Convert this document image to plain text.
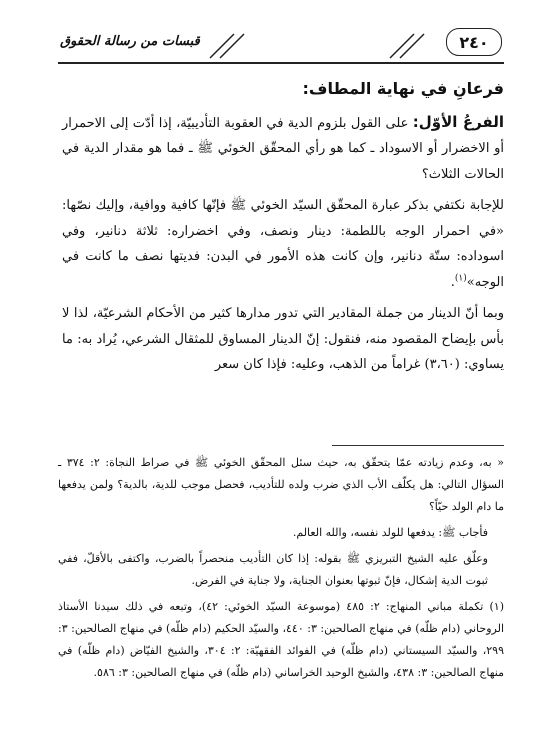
قبسات من رسالة الحقوق	٢٤٠
فرعانِ في نهاية المطاف:

الفرعُ الأوّل: على القول بلزوم الدية في العقوبة التأديبيّة، إذا أدّت إلى الاحمرار أو الاخضرار أو الاسوداد ـ كما هو رأي المحقّق الخوئي ﷺ ـ فما هو مقدار الدية في الحالات الثلاث؟

للإجابة نكتفي بذكر عبارة المحقّق السيّد الخوئي ﷺ فإنّها كافية ووافية، وإليك نصّها: «في احمرار الوجه باللطمة: دينار ونصف، وفي اخضراره: ثلاثة دنانير، وفي اسوداده: ستّة دنانير، وإن كانت هذه الأمور في البدن: فديتها نصف ما كانت في الوجه»$^{(١)}$.

وبما أنّ الدينار من جملة المقادير التي تدور مدارها كثير من الأحكام الشرعيّة، لذا لا بأس بإيضاح المقصود منه، فنقول: إنّ الدينار المساوق للمثقال الشرعي، يُراد به: ما يساوي: (٣،٦٠) غراماً من الذهب، وعليه: فإذا كان سعر

« به، وعدم زيادته عمّا يتحقّق به، حيث سئل المحقّق الخوئي ﷺ في صراط النجاة: ٢: ٣٧٤ ـ السؤال التالي: هل يكلّف الأب الذي ضرب ولده للتأديب، فحصل موجب للدية، بالدية؟ ولمن يدفعها ما دام الولد حيّاً؟

فأجاب ﷺ: يدفعها للولد نفسه، والله العالم.

وعلّق عليه الشيخ التبريزي ﷺ بقوله: إذا كان التأديب منحصراً بالضرب، واكتفى بالأقلّ، ففي ثبوت الدية إشكال، فإنّ ثبوتها بعنوان الجناية، ولا جناية في الفرض.

(١) تكملة مباني المنهاج: ٢: ٤٨٥ (موسوعة السيّد الخوئي: ٤٢)، وتبعه في ذلك سيدنا الأستاذ الروحاني (دام ظلّه) في منهاج الصالحين: ٣: ٤٤٠، والسيّد الحكيم (دام ظلّه) في منهاج الصالحين: ٣: ٢٩٩، والسيّد السيستاني (دام ظلّه) في الفوائد الفقهيّة: ٢: ٣٠٤، والشيخ الفيّاض (دام ظلّه) في منهاج الصالحين: ٣: ٤٣٨، والشيخ الوحيد الخراساني (دام ظلّه) في منهاج الصالحين: ٣: ٥٨٦.
